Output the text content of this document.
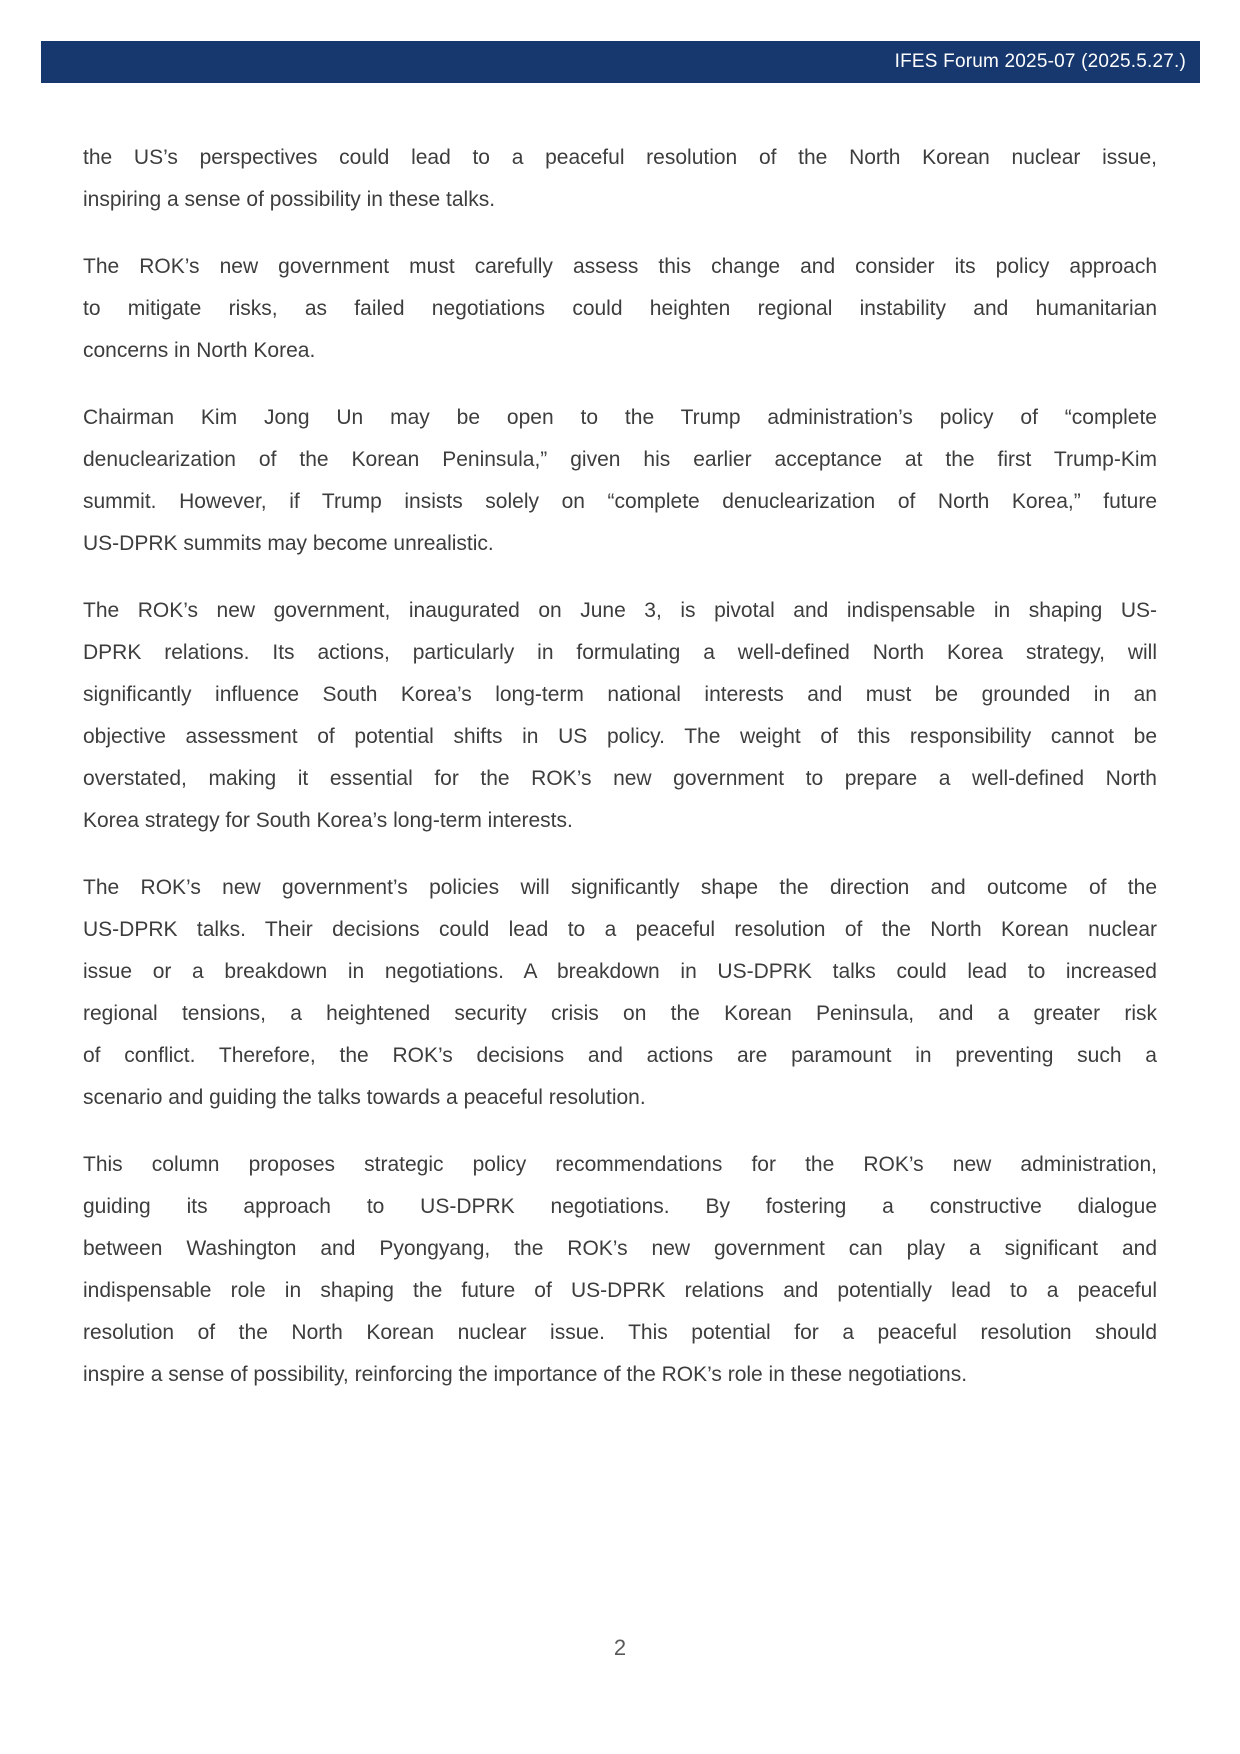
IFES Forum 2025-07 (2025.5.27.)
the US’s perspectives could lead to a peaceful resolution of the North Korean nuclear issue,
inspiring a sense of possibility in these talks.
The ROK’s new government must carefully assess this change and consider its policy approach
to mitigate risks, as failed negotiations could heighten regional instability and humanitarian
concerns in North Korea.
Chairman Kim Jong Un may be open to the Trump administration’s policy of “complete
denuclearization of the Korean Peninsula,” given his earlier acceptance at the first Trump-Kim
summit. However, if Trump insists solely on “complete denuclearization of North Korea,” future
US-DPRK summits may become unrealistic.
The ROK’s new government, inaugurated on June 3, is pivotal and indispensable in shaping US-
DPRK relations. Its actions, particularly in formulating a well-defined North Korea strategy, will
significantly influence South Korea’s long-term national interests and must be grounded in an
objective assessment of potential shifts in US policy. The weight of this responsibility cannot be
overstated, making it essential for the ROK’s new government to prepare a well-defined North
Korea strategy for South Korea’s long-term interests.
The ROK’s new government’s policies will significantly shape the direction and outcome of the
US-DPRK talks. Their decisions could lead to a peaceful resolution of the North Korean nuclear
issue or a breakdown in negotiations. A breakdown in US-DPRK talks could lead to increased
regional tensions, a heightened security crisis on the Korean Peninsula, and a greater risk
of conflict. Therefore, the ROK’s decisions and actions are paramount in preventing such a
scenario and guiding the talks towards a peaceful resolution.
This column proposes strategic policy recommendations for the ROK’s new administration,
guiding its approach to US-DPRK negotiations. By fostering a constructive dialogue
between Washington and Pyongyang, the ROK’s new government can play a significant and
indispensable role in shaping the future of US-DPRK relations and potentially lead to a peaceful
resolution of the North Korean nuclear issue. This potential for a peaceful resolution should
inspire a sense of possibility, reinforcing the importance of the ROK’s role in these negotiations.
2
